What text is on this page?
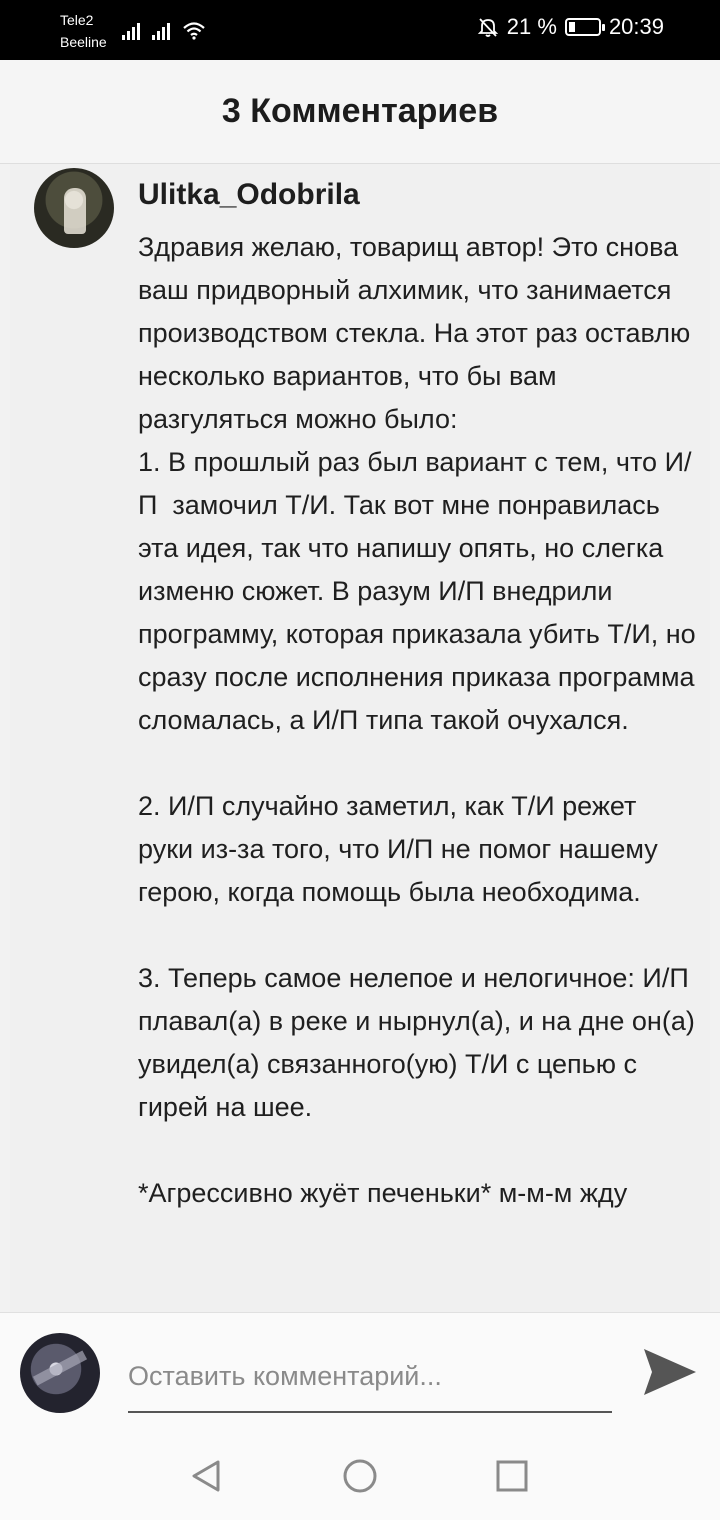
Tele2
Beeline
21 % 20:39
3 Комментариев
Ulitka_Odobrila
Здравия желаю, товарищ автор! Это снова ваш придворный алхимик, что занимается производством стекла. На этот раз оставлю несколько вариантов, что бы вам разгуляться можно было:
1. В прошлый раз был вариант с тем, что И/П  замочил Т/И. Так вот мне понравилась эта идея, так что напишу опять, но слегка изменю сюжет. В разум И/П внедрили программу, которая приказала убить Т/И, но сразу после исполнения приказа программа сломалась, а И/П типа такой очухался.

2. И/П случайно заметил, как Т/И режет руки из-за того, что И/П не помог нашему герою, когда помощь была необходима.

3. Теперь самое нелепое и нелогичное: И/П плавал(а) в реке и нырнул(а), и на дне он(а) увидел(а) связанного(ую) Т/И с цепью с гирей на шее.

*Агрессивно жуёт печеньки* м-м-м жду
Оставить комментарий...
